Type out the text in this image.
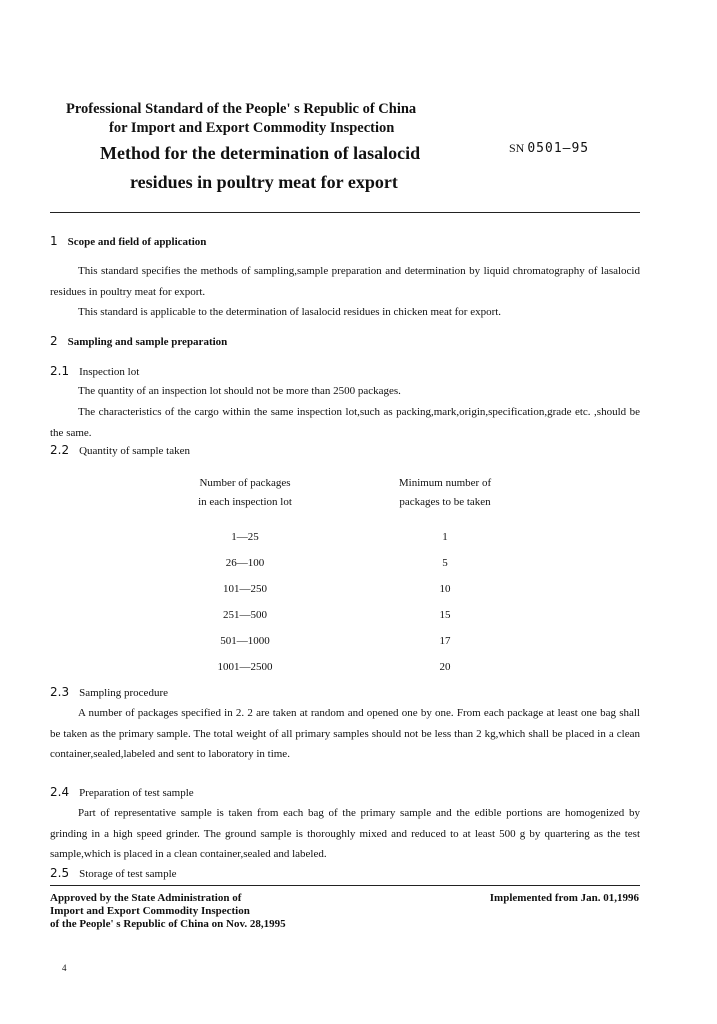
Professional Standard of the People' s Republic of China
for Import and Export Commodity Inspection
Method for the determination of lasalocid
residues in poultry meat for export
SN 0501—95
1 Scope and field of application
This standard specifies the methods of sampling,sample preparation and determination by liquid chromatography of lasalocid residues in poultry meat for export.
This standard is applicable to the determination of lasalocid residues in chicken meat for export.
2 Sampling and sample preparation
2.1 Inspection lot
The quantity of an inspection lot should not be more than 2500 packages.
The characteristics of the cargo within the same inspection lot,such as packing,mark,origin,specification,grade etc. ,should be the same.
2.2 Quantity of sample taken
Number of packages
in each inspection lot
Minimum number of
packages to be taken
1—25	1
26—100	5
101—250	10
251—500	15
501—1000	17
1001—2500	20
2.3 Sampling procedure
A number of packages specified in 2. 2 are taken at random and opened one by one. From each package at least one bag shall be taken as the primary sample. The total weight of all primary samples should not be less than 2 kg,which shall be placed in a clean container,sealed,labeled and sent to laboratory in time.
2.4 Preparation of test sample
Part of representative sample is taken from each bag of the primary sample and the edible portions are homogenized by grinding in a high speed grinder. The ground sample is thoroughly mixed and reduced to at least 500 g by quartering as the test sample,which is placed in a clean container,sealed and labeled.
2.5 Storage of test sample
Approved by the State Administration of
Import and Export Commodity Inspection
of the People' s Republic of China on Nov. 28,1995
Implemented from Jan. 01,1996
4
